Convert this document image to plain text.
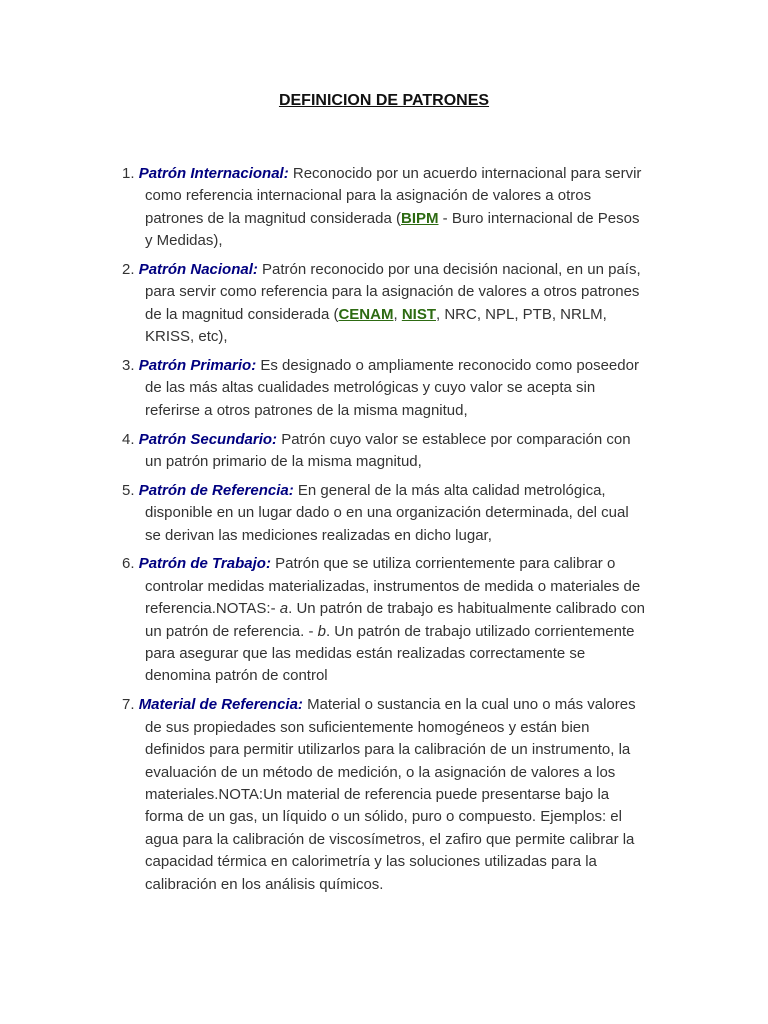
DEFINICION DE PATRONES
1. Patrón Internacional: Reconocido por un acuerdo internacional para servir como referencia internacional para la asignación de valores a otros patrones de la magnitud considerada (BIPM - Buro internacional de Pesos y Medidas),
2. Patrón Nacional: Patrón reconocido por una decisión nacional, en un país, para servir como referencia para la asignación de valores a otros patrones de la magnitud considerada (CENAM, NIST, NRC, NPL, PTB, NRLM, KRISS, etc),
3. Patrón Primario: Es designado o ampliamente reconocido como poseedor de las más altas cualidades metrológicas y cuyo valor se acepta sin referirse a otros patrones de la misma magnitud,
4. Patrón Secundario: Patrón cuyo valor se establece por comparación con un patrón primario de la misma magnitud,
5. Patrón de Referencia: En general de la más alta calidad metrológica, disponible en un lugar dado o en una organización determinada, del cual se derivan las mediciones realizadas en dicho lugar,
6. Patrón de Trabajo: Patrón que se utiliza corrientemente para calibrar o controlar medidas materializadas, instrumentos de medida o materiales de referencia.NOTAS:- a. Un patrón de trabajo es habitualmente calibrado con un patrón de referencia. - b. Un patrón de trabajo utilizado corrientemente para asegurar que las medidas están realizadas correctamente se denomina patrón de control
7. Material de Referencia: Material o sustancia en la cual uno o más valores de sus propiedades son suficientemente homogéneos y están bien definidos para permitir utilizarlos para la calibración de un instrumento, la evaluación de un método de medición, o la asignación de valores a los materiales.NOTA:Un material de referencia puede presentarse bajo la forma de un gas, un líquido o un sólido, puro o compuesto. Ejemplos: el agua para la calibración de viscosímetros, el zafiro que permite calibrar la capacidad térmica en calorimetría y las soluciones utilizadas para la calibración en los análisis químicos.
